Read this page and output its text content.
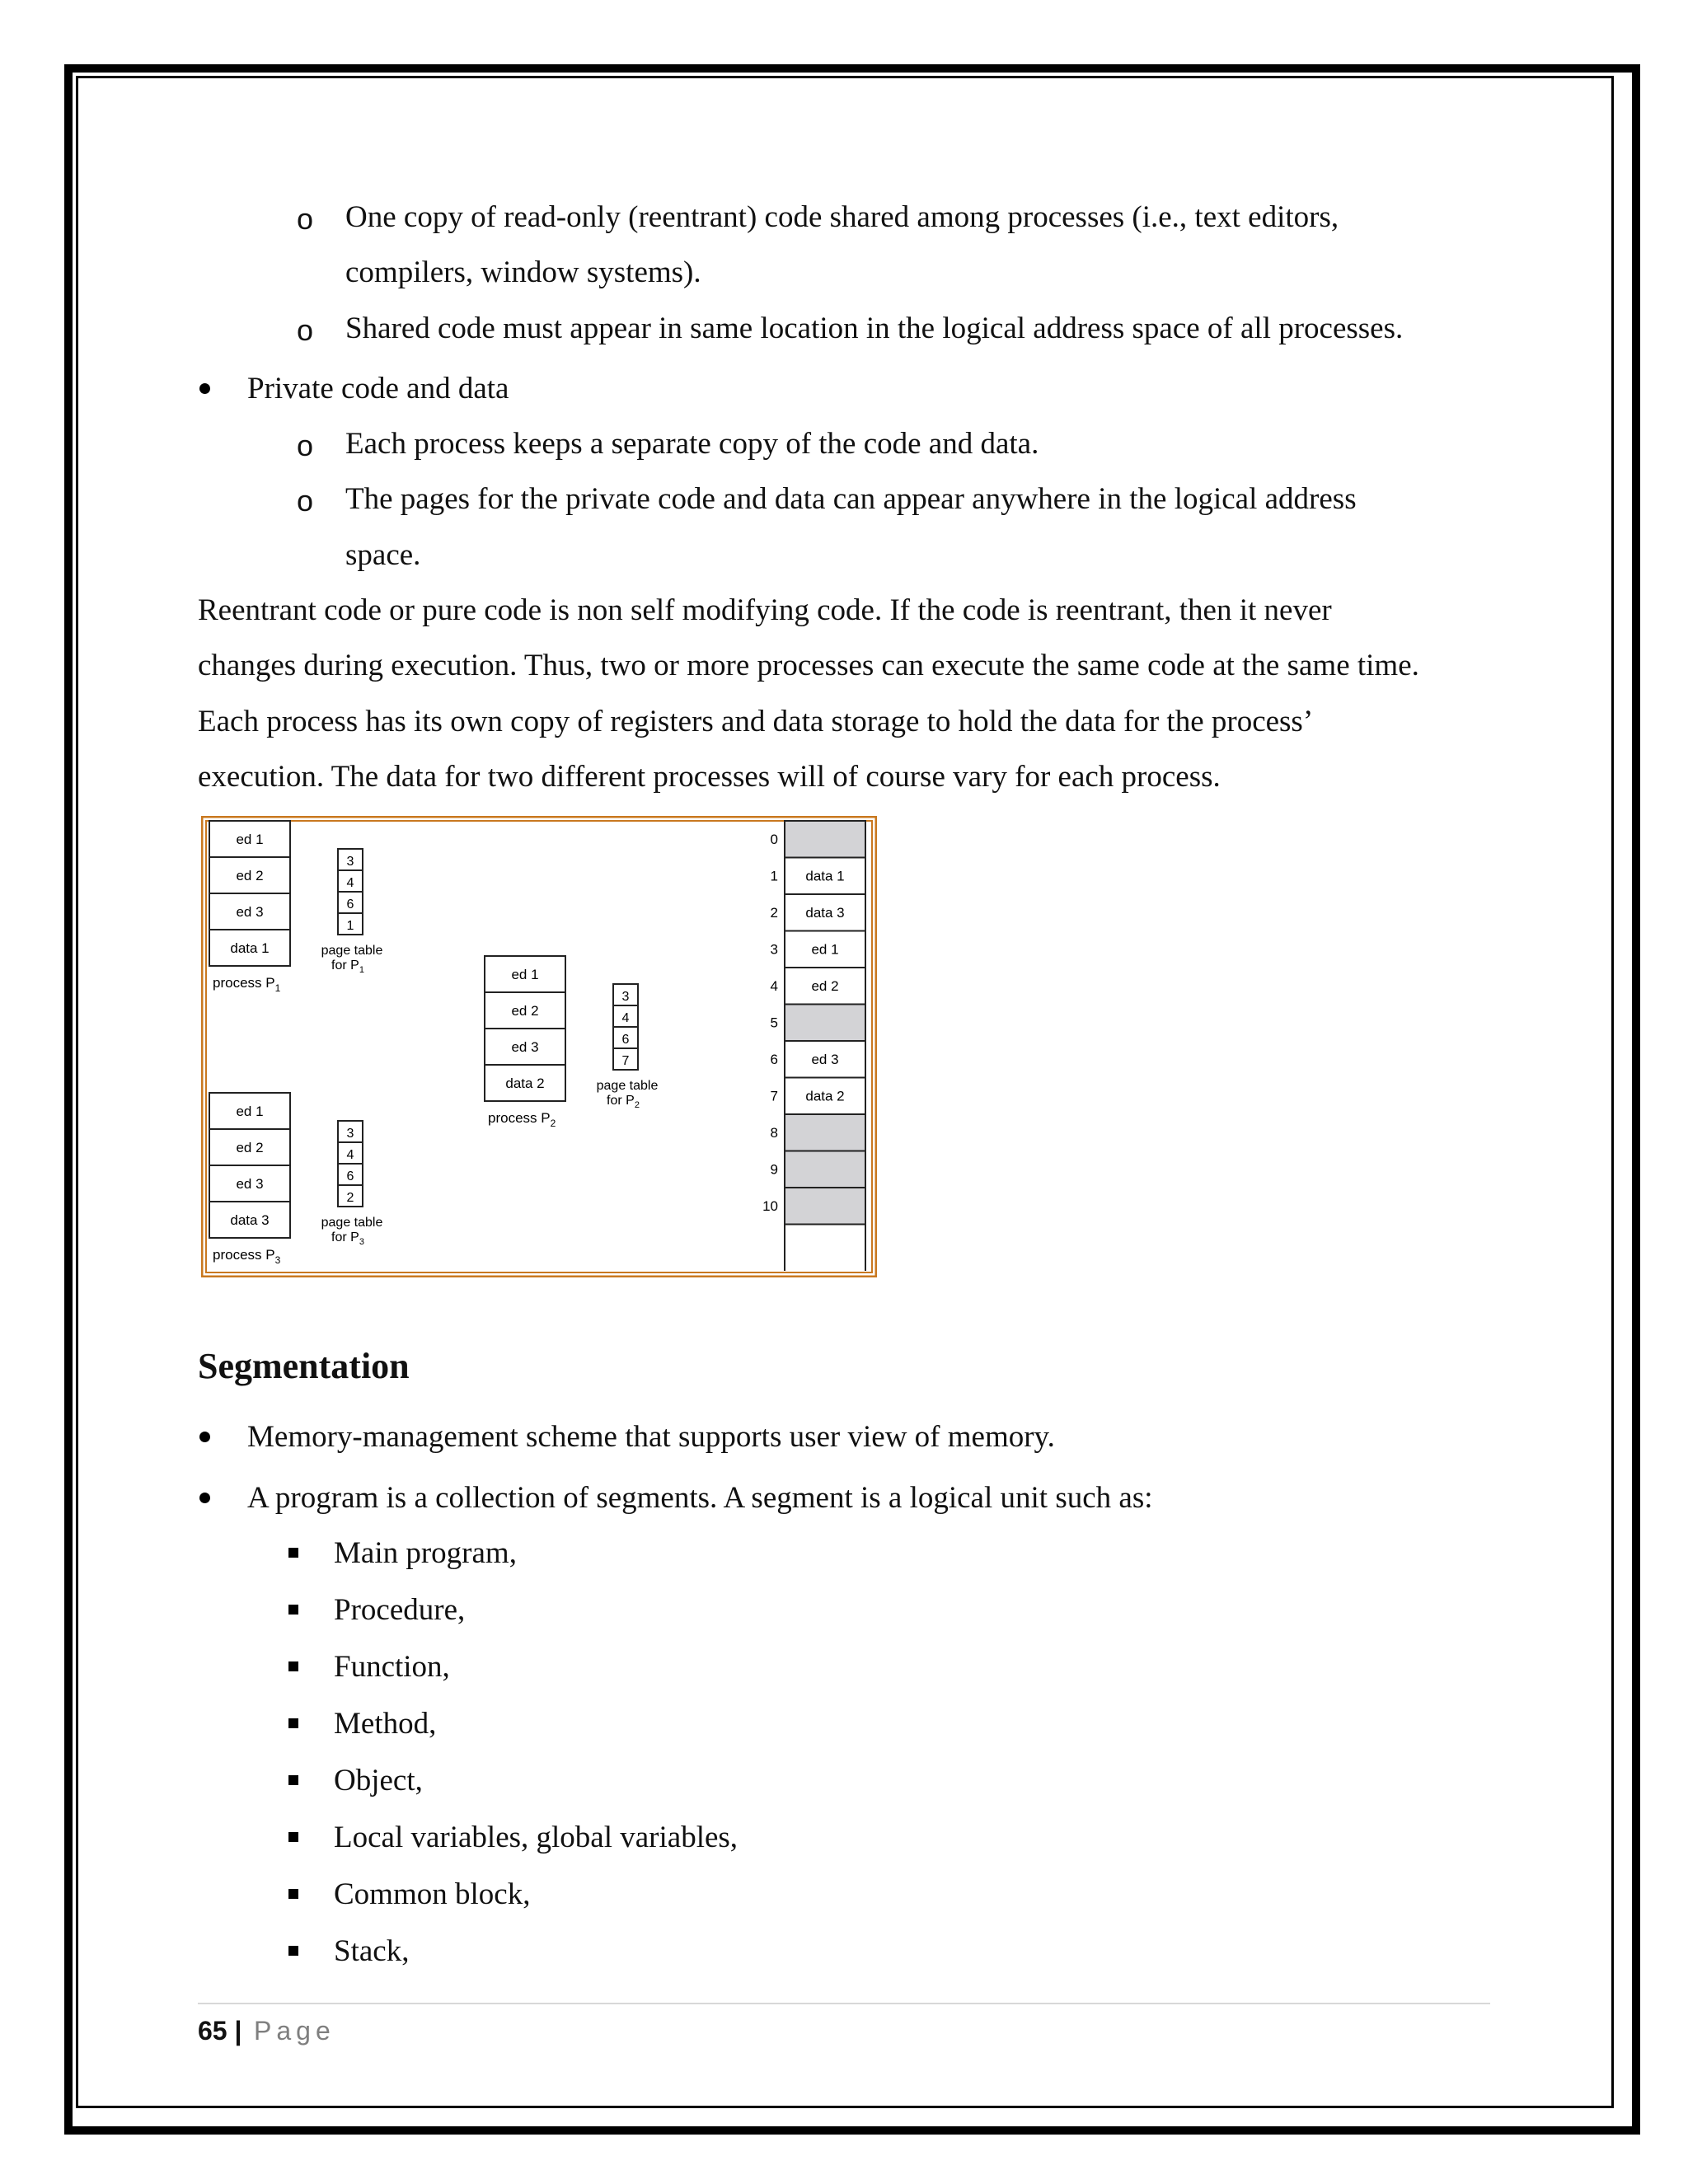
o One copy of read-only (reentrant) code shared among processes (i.e., text editors,
compilers, window systems).
o Shared code must appear in same location in the logical address space of all processes.
Private code and data
o Each process keeps a separate copy of the code and data.
o The pages for the private code and data can appear anywhere in the logical address
space.
Reentrant code or pure code is non self modifying code. If the code is reentrant, then it never
changes during execution. Thus, two or more processes can execute the same code at the same time.
Each process has its own copy of registers and data storage to hold the data for the process’
execution. The data for two different processes will of course vary for each process.
ed 1
ed 2
ed 3
data 1
process $P_1$
3
4
6
1
page table
for $P_1$	ed 1
ed 2
ed 3
data 2
process $P_2$
3
4
6
7
page table
for $P_2$
ed 1
ed 2
ed 3
data 3
process $P_3$
3
4
6
2
page table
for $P_3$
0
data 1
1
data 3
2
ed 1
3
ed 2
4
5
ed 3
6
data 2
7
8
9
10
Segmentation
Memory-management scheme that supports user view of memory.
A program is a collection of segments. A segment is a logical unit such as:
Main program,
Procedure,
Function,
Method,
Object,
Local variables, global variables,
Common block,
Stack,
65 | Page
